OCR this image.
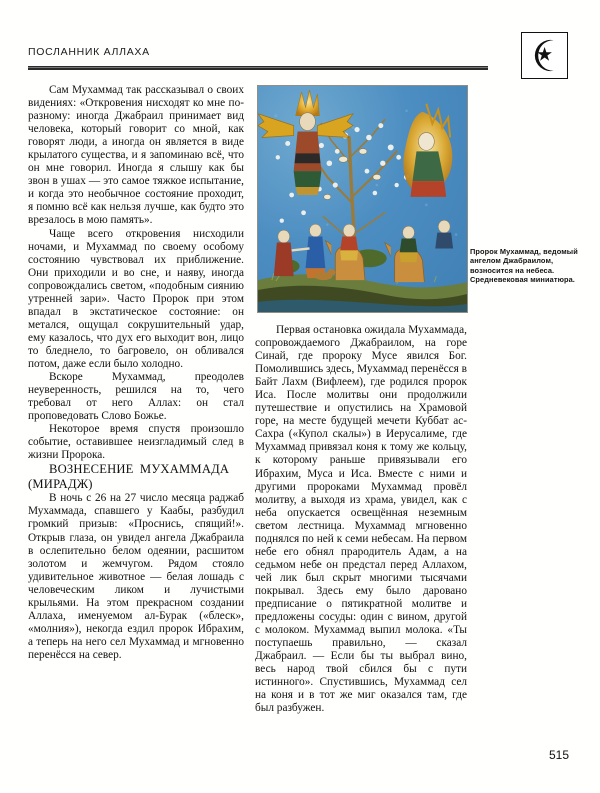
ПОСЛАННИК АЛЛАХА
Пророк Мухаммад, ведомый ангелом Джабраилом, возносится на небеса. Средневековая миниатюра.

Сам Мухаммад так рассказывал о своих видениях: «Откровения нисходят ко мне по-разному: иногда Джабраил принимает вид человека, который говорит со мной, как говорят люди, а иногда он является в виде крылатого существа, и я запоминаю всё, что он мне говорил. Иногда я слышу как бы звон в ушах — это самое тяжкое испытание, и когда это необычное состояние проходит, я помню всё как нельзя лучше, как будто это врезалось в мою память».

Чаще всего откровения нисходили ночами, и Мухаммад по своему особому состоянию чувствовал их приближение. Они приходили и во сне, и наяву, иногда сопровождались светом, «подобным сиянию утренней зари». Часто Пророк при этом впадал в экстатическое состояние: он метался, ощущал сокрушительный удар, ему казалось, что дух его выходит вон, лицо то бледнело, то багровело, он обливался потом, даже если было холодно.

Вскоре Мухаммад, преодолев неуверенность, решился на то, чего требовал от него Аллах: он стал проповедовать Слово Божье.

Некоторое время спустя произошло событие, оставившее неизгладимый след в жизни Пророка.

ВОЗНЕСЕНИЕ МУХАММАДА (МИРАДЖ)

В ночь с 26 на 27 число месяца раджаб Мухаммада, спавшего у Каабы, разбудил громкий призыв: «Проснись, спящий!». Открыв глаза, он увидел ангела Джабраила в ослепительно белом одеянии, расшитом золотом и жемчугом. Рядом стояло удивительное животное — белая лошадь с человеческим ликом и лучистыми крыльями. На этом прекрасном создании Аллаха, именуемом ал-Бурак («блеск», «молния»), некогда ездил пророк Ибрахим, а теперь на него сел Мухаммад и мгновенно перенёсся на север.

Первая остановка ожидала Мухаммада, сопровождаемого Джабраилом, на горе Синай, где пророку Мусе явился Бог. Помолившись здесь, Мухаммад перенёсся в Байт Лахм (Вифлеем), где родился пророк Иса. После молитвы они продолжили путешествие и опустились на Храмовой горе, на месте будущей мечети Куббат ас-Сахра («Купол скалы») в Иерусалиме, где Мухаммад привязал коня к тому же кольцу, к которому раньше привязывали его Ибрахим, Муса и Иса. Вместе с ними и другими пророками Мухаммад провёл молитву, а выходя из храма, увидел, как с неба опускается освещённая неземным светом лестница. Мухаммад мгновенно поднялся по ней к семи небесам. На первом небе его обнял прародитель Адам, а на седьмом небе он предстал перед Аллахом, чей лик был скрыт многими тысячами покрывал. Здесь ему было даровано предписание о пятикратной молитве и предложены сосуды: один с вином, другой с молоком. Мухаммад выпил молока. «Ты поступаешь правильно, — сказал Джабраил. — Если бы ты выбрал вино, весь народ твой сбился бы с пути истинного». Спустившись, Мухаммад сел на коня и в тот же миг оказался там, где был разбужен.

515
